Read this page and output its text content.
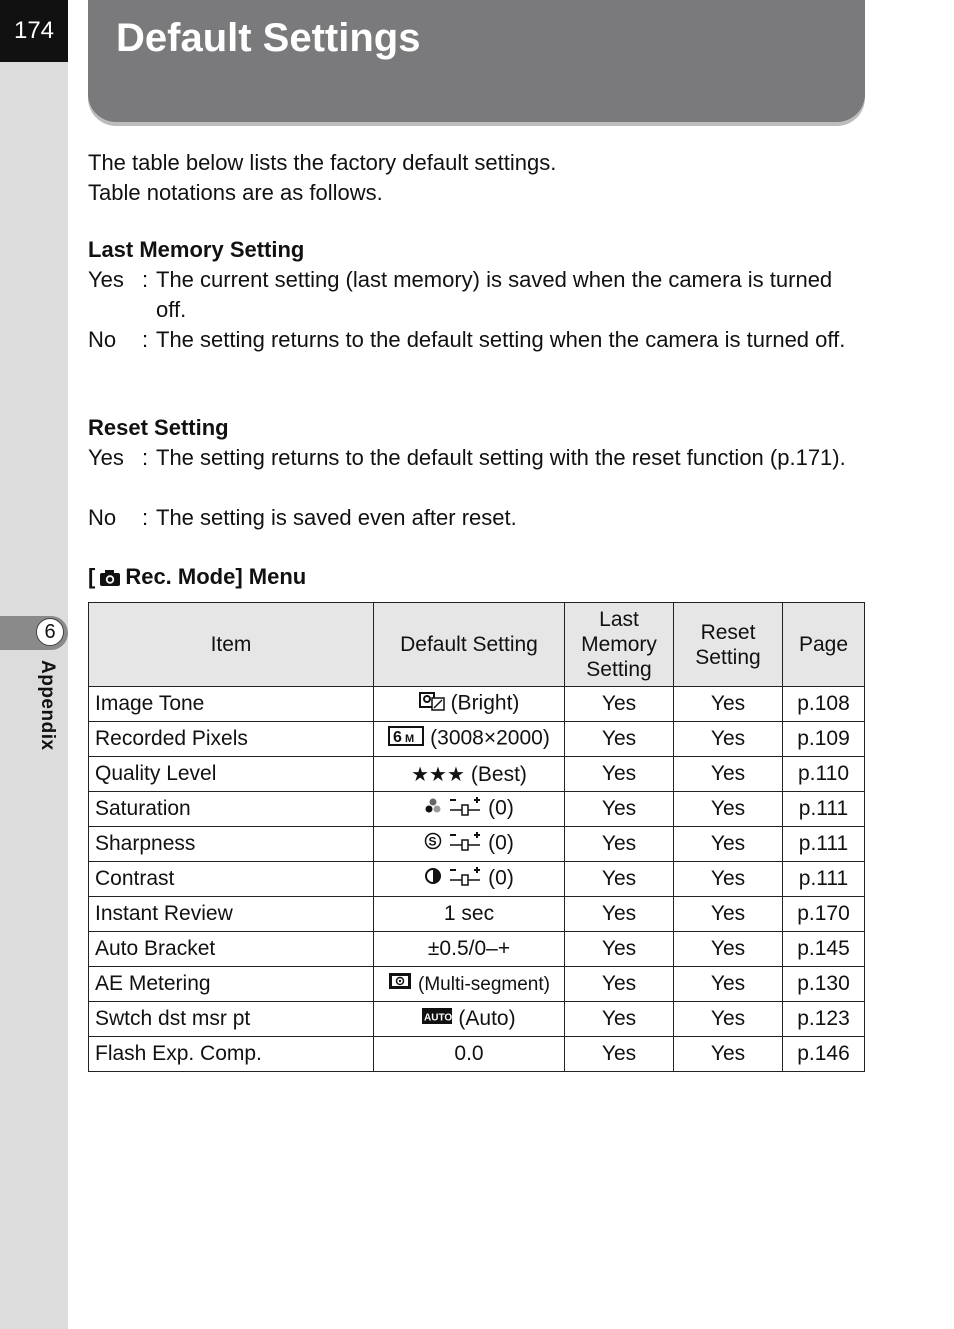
174
6
Appendix
Default Settings
The table below lists the factory default settings.
Table notations are as follows.
Last Memory Setting
Yes : The current setting (last memory) is saved when the camera is turned off.
No : The setting returns to the default setting when the camera is turned off.
Reset Setting
Yes : The setting returns to the default setting with the reset function (p.171).
No : The setting is saved even after reset.
[ Rec. Mode] Menu
Item	Default Setting	Last Memory Setting	Reset Setting	Page
Image Tone	(Bright)	Yes	Yes	p.108
Recorded Pixels	6 M (3008×2000)	Yes	Yes	p.109
Quality Level	★★★ (Best)	Yes	Yes	p.110
Saturation	(0)	Yes	Yes	p.111
Sharpness	S (0)	Yes	Yes	p.111
Contrast	(0)	Yes	Yes	p.111
Instant Review	1 sec	Yes	Yes	p.170
Auto Bracket	±0.5/0–+	Yes	Yes	p.145
AE Metering	(Multi-segment)	Yes	Yes	p.130
Swtch dst msr pt	AUTO (Auto)	Yes	Yes	p.123
Flash Exp. Comp.	0.0	Yes	Yes	p.146
